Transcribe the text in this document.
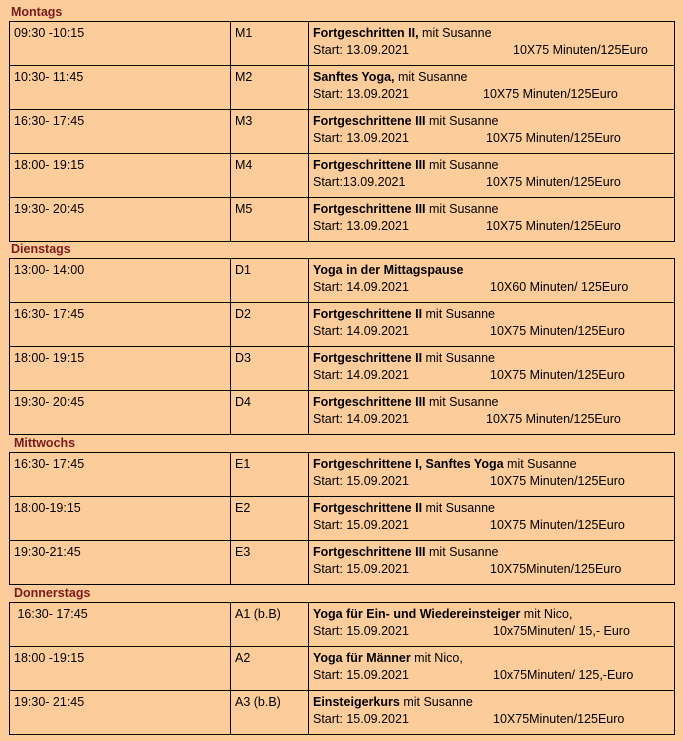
Montags
09:30 -10:15	M1	Fortgeschritten II, mit Susanne
Start: 13.09.2021 10X75 Minuten/125Euro

10:30- 11:45	M2	Sanftes Yoga, mit Susanne
Start: 13.09.2021 10X75 Minuten/125Euro

16:30- 17:45	M3	Fortgeschrittene III mit Susanne
Start: 13.09.2021 10X75 Minuten/125Euro

18:00- 19:15	M4	Fortgeschrittene III mit Susanne
Start:13.09.2021 10X75 Minuten/125Euro

19:30- 20:45	M5	Fortgeschrittene III mit Susanne
Start: 13.09.2021 10X75 Minuten/125Euro
Dienstags
13:00- 14:00	D1	Yoga in der Mittagspause
Start: 14.09.2021 10X60 Minuten/ 125Euro

16:30- 17:45	D2	Fortgeschrittene II mit Susanne
Start: 14.09.2021 10X75 Minuten/125Euro

18:00- 19:15	D3	Fortgeschrittene II mit Susanne
Start: 14.09.2021 10X75 Minuten/125Euro

19:30- 20:45	D4	Fortgeschrittene III mit Susanne
Start: 14.09.2021 10X75 Minuten/125Euro
Mittwochs
16:30- 17:45	E1	Fortgeschrittene I, Sanftes Yoga mit Susanne
Start: 15.09.2021 10X75 Minuten/125Euro

18:00-19:15	E2	Fortgeschrittene II mit Susanne
Start: 15.09.2021 10X75 Minuten/125Euro

19:30-21:45	E3	Fortgeschrittene III mit Susanne
Start: 15.09.2021 10X75Minuten/125Euro
Donnerstags
16:30- 17:45	A1 (b.B)	Yoga für Ein- und Wiedereinsteiger mit Nico,
Start: 15.09.2021 10x75Minuten/ 15,- Euro

18:00 -19:15	A2	Yoga für Männer mit Nico,
Start: 15.09.2021 10x75Minuten/ 125,-Euro

19:30- 21:45	A3 (b.B)	Einsteigerkurs mit Susanne
Start: 15.09.2021 10X75Minuten/125Euro
